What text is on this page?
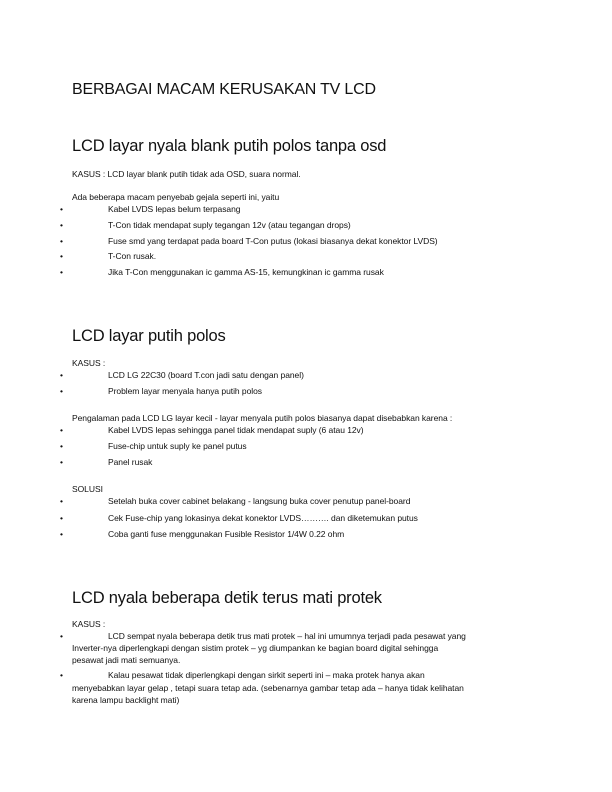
BERBAGAI MACAM KERUSAKAN TV LCD
LCD layar nyala blank putih polos tanpa osd
KASUS : LCD layar blank putih tidak ada OSD, suara normal.
Ada beberapa macam penyebab gejala seperti ini, yaitu
•	Kabel LVDS lepas belum terpasang
•	T-Con tidak mendapat suply tegangan 12v (atau tegangan drops)
•	Fuse smd yang terdapat pada board T-Con putus (lokasi biasanya dekat konektor LVDS)
•	T-Con rusak.
•	Jika T-Con menggunakan ic gamma AS-15, kemungkinan ic gamma rusak
LCD layar putih polos
KASUS :
•	LCD LG 22C30 (board T.con jadi satu dengan panel)
•	Problem layar menyala hanya putih polos
Pengalaman pada LCD LG layar kecil - layar menyala putih polos biasanya dapat disebabkan karena :
•	Kabel LVDS lepas sehingga panel tidak mendapat suply (6 atau 12v)
•	Fuse-chip untuk suply ke panel putus
•	Panel rusak
SOLUSI
•	Setelah buka cover cabinet belakang - langsung buka cover penutup panel-board
•	Cek Fuse-chip yang lokasinya dekat konektor LVDS………. dan diketemukan putus
•	Coba ganti fuse menggunakan Fusible Resistor 1/4W 0.22 ohm
LCD nyala beberapa detik terus mati protek
KASUS :
•	LCD sempat nyala beberapa detik trus mati protek – hal ini umumnya terjadi pada pesawat yang
Inverter-nya diperlengkapi dengan sistim protek – yg diumpankan ke bagian board digital sehingga
pesawat jadi mati semuanya.
•	Kalau pesawat tidak diperlengkapi dengan sirkit seperti ini – maka protek hanya akan
menyebabkan layar gelap , tetapi suara tetap ada. (sebenarnya gambar tetap ada – hanya tidak kelihatan
karena lampu backlight mati)
